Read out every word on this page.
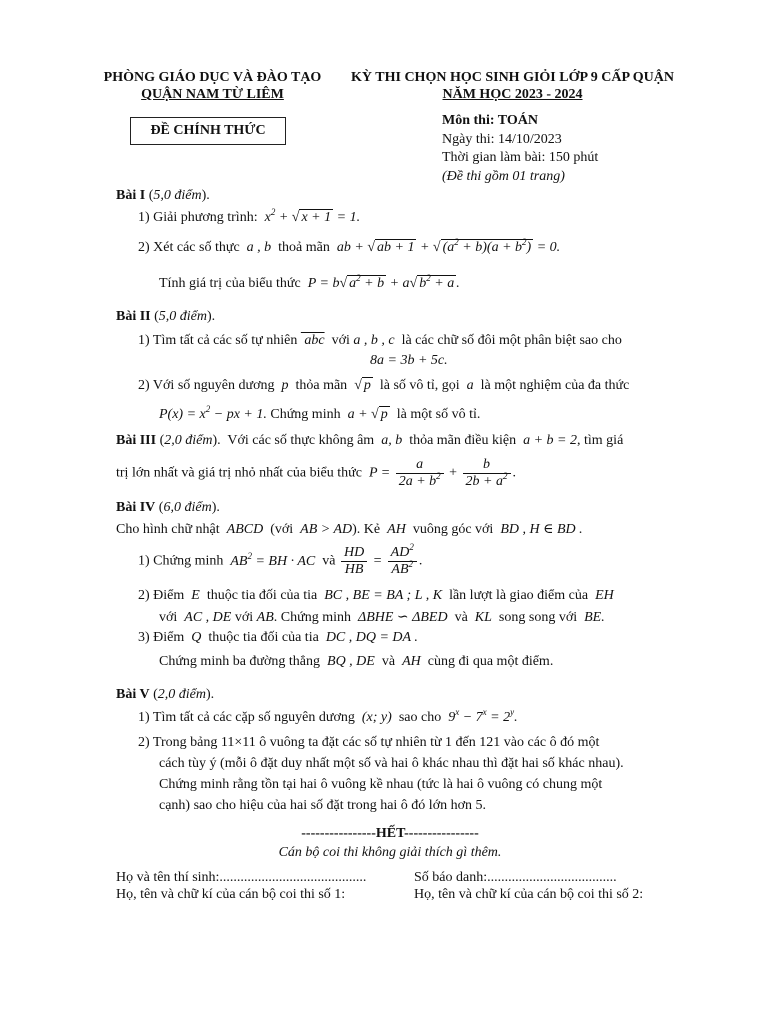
PHÒNG GIÁO DỤC VÀ ĐÀO TẠO
QUẬN NAM TỪ LIÊM
KỲ THI CHỌN HỌC SINH GIỎI LỚP 9 CẤP QUẬN
NĂM HỌC 2023 - 2024
ĐỀ CHÍNH THỨC
Môn thi: TOÁN
Ngày thi: 14/10/2023
Thời gian làm bài: 150 phút
(Đề thi gồm 01 trang)
Bài I (5,0 điểm).
1) Giải phương trình:  $x^2$ + √ x + 1 = 1.
2) Xét các số thực  a , b  thoả mãn  ab + √ ab + 1 + √ $(a^2 + b)(a + b^2) = 0$.
Tính giá trị của biểu thức  P = b√ $a^2 + b + a√$ $b^2 + a$ .
Bài II (5,0 điểm).
1) Tìm tất cả các số tự nhiên  abc  với a , b , c là các chữ số đôi một phân biệt sao cho
8a = 3b + 5c.
2) Với số nguyên dương  p  thỏa mãn  √ p là số vô tỉ, gọi  a  là một nghiệm của đa thức
$P(x) = x^2$ − px + 1. Chứng minh  a + √ p là một số vô tỉ.
Bài III (2,0 điểm).  Với các số thực không âm  a, b  thỏa mãn điều kiện  a + b = 2, tìm giá
trị lớn nhất và giá trị nhỏ nhất của biểu thức  $P = \frac{a}{2a + b^2} + \frac{b}{2b + a^2}$ .
Bài IV (6,0 điểm).
Cho hình chữ nhật  ABCD  (với  AB > AD). Kẻ  AH  vuông góc với  BD , H ∈ BD .
1) Chứng minh  $AB^2$ = BH · AC  và $\frac{HD}{HB} = \frac{AD^2}{AB^2}$ .
2) Điểm  E  thuộc tia đối của tia  BC , BE = BA ; L , K  lần lượt là giao điểm của  EH
với  AC , DE với AB. Chứng minh  ΔBHE ∽ ΔBED  và  KL  song song với  BE.
3) Điểm  Q  thuộc tia đối của tia  DC , DQ = DA .
Chứng minh ba đường thẳng  BQ , DE  và  AH  cùng đi qua một điểm.
Bài V (2,0 điểm).
1) Tìm tất cả các cặp số nguyên dương  (x; y)  sao cho  $9^x - 7^x = 2^y$.
2) Trong bảng 11×11 ô vuông ta đặt các số tự nhiên từ 1 đến 121 vào các ô đó một
cách tùy ý (mỗi ô đặt duy nhất một số và hai ô khác nhau thì đặt hai số khác nhau).
Chứng minh rằng tồn tại hai ô vuông kề nhau (tức là hai ô vuông có chung một
cạnh) sao cho hiệu của hai số đặt trong hai ô đó lớn hơn 5.
----------------HẾT----------------
Cán bộ coi thi không giải thích gì thêm.
Họ và tên thí sinh:..........................................	Số báo danh:.....................................
Họ, tên và chữ kí của cán bộ coi thi số 1:	Họ, tên và chữ kí của cán bộ coi thi số 2:
